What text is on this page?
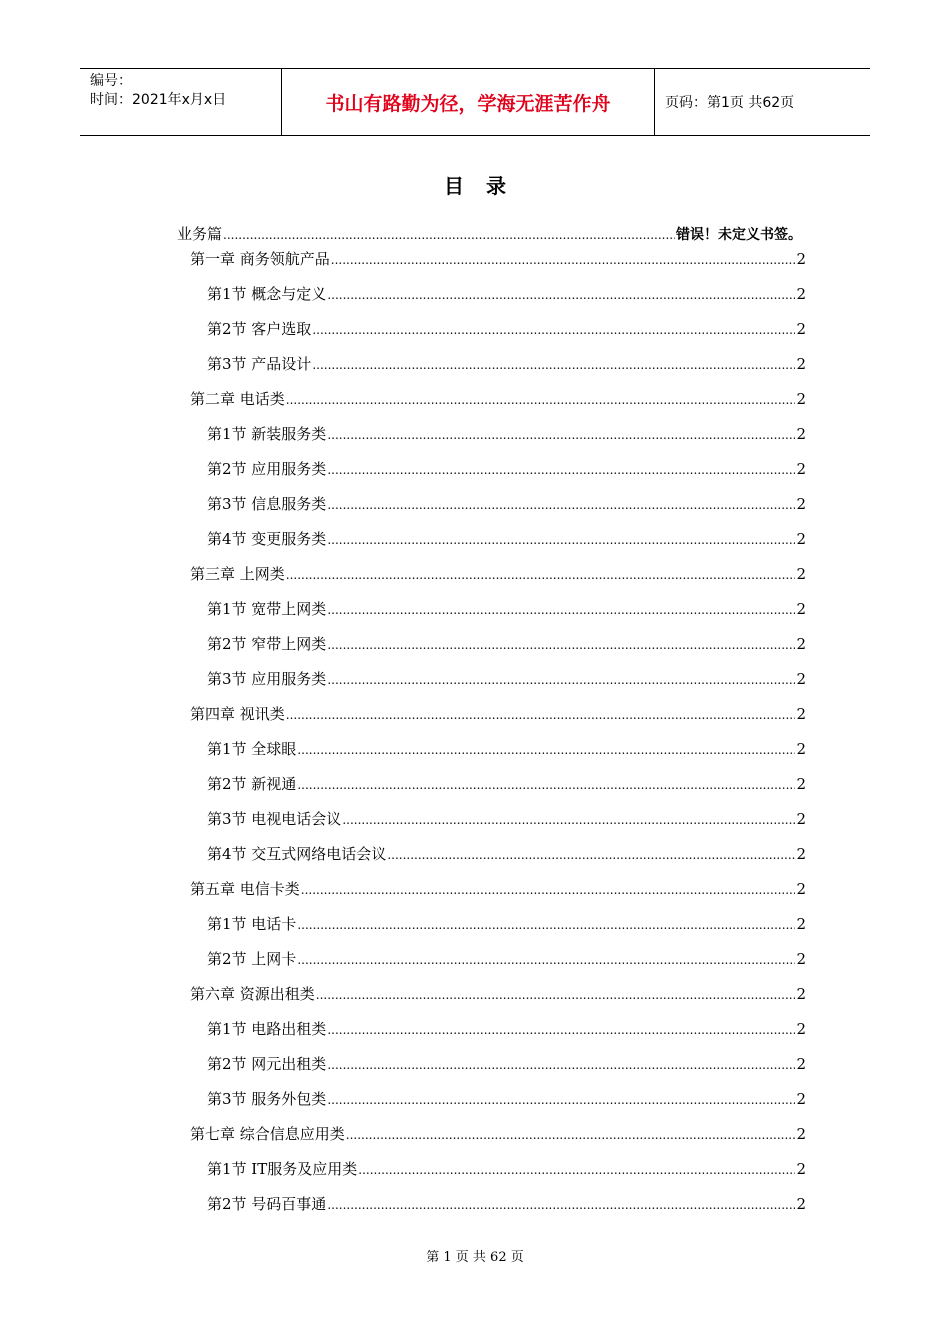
编号：
时间：2021年x月x日	书山有路勤为径，学海无涯苦作舟	页码：第1页 共62页
目录
业务篇 .....	错误！未定义书签。
第一章 商务领航产品 .....	2
第1节 概念与定义 .....	2
第2节 客户选取 .....	2
第3节 产品设计 .....	2
第二章 电话类 .....	2
第1节 新装服务类 .....	2
第2节 应用服务类 .....	2
第3节 信息服务类 .....	2
第4节 变更服务类 .....	2
第三章 上网类 .....	2
第1节 宽带上网类 .....	2
第2节 窄带上网类 .....	2
第3节 应用服务类 .....	2
第四章 视讯类 .....	2
第1节 全球眼 .....	2
第2节 新视通 .....	2
第3节 电视电话会议 .....	2
第4节 交互式网络电话会议 .....	2
第五章 电信卡类 .....	2
第1节 电话卡 .....	2
第2节 上网卡 .....	2
第六章 资源出租类 .....	2
第1节 电路出租类 .....	2
第2节 网元出租类 .....	2
第3节 服务外包类 .....	2
第七章 综合信息应用类 .....	2
第1节 IT服务及应用类 .....	2
第2节 号码百事通 .....	2
第 1 页 共 62 页
